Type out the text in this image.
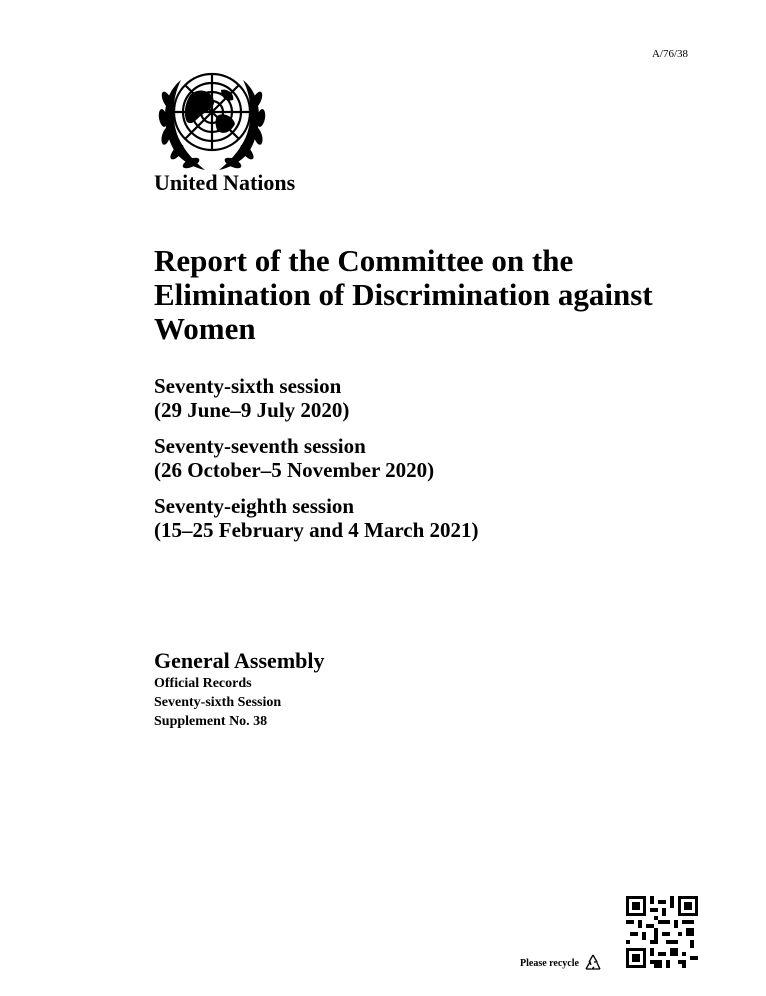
A/76/38
United Nations
Report of the Committee on the Elimination of Discrimination against Women
Seventy-sixth session
(29 June–9 July 2020)
Seventy-seventh session
(26 October–5 November 2020)
Seventy-eighth session
(15–25 February and 4 March 2021)
General Assembly
Official Records
Seventy-sixth Session
Supplement No. 38
Please recycle
